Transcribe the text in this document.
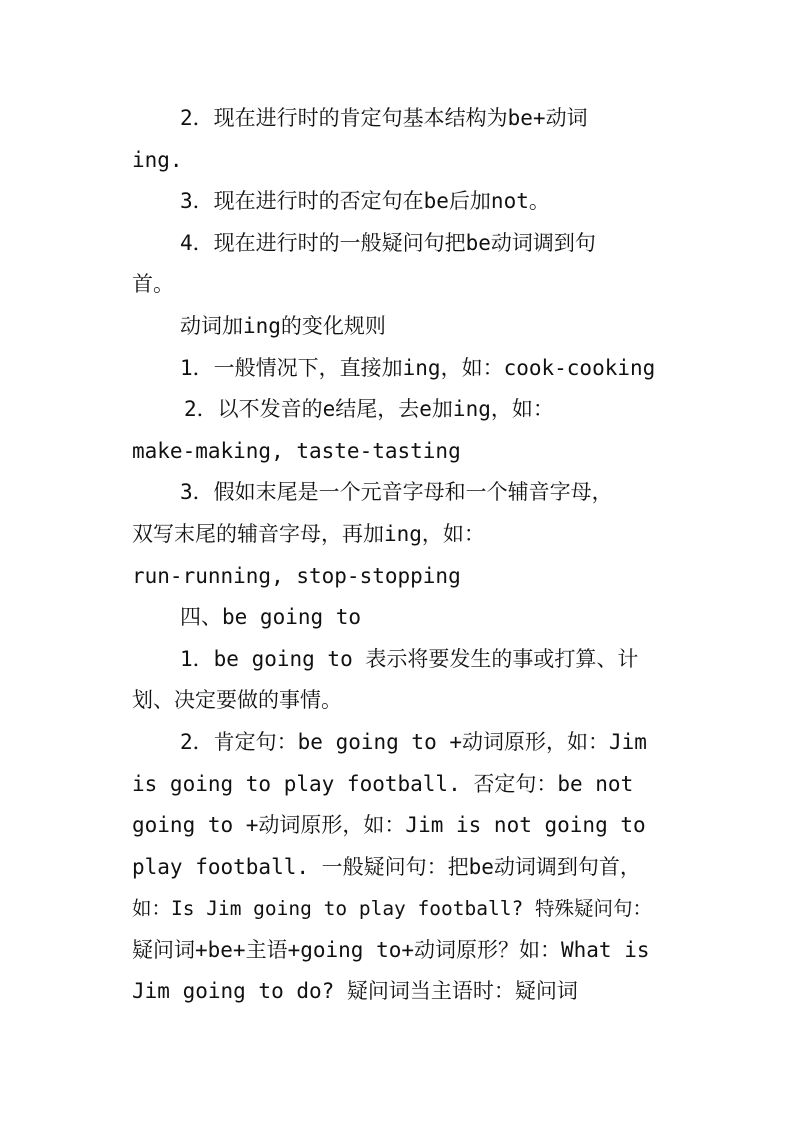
2．现在进行时的肯定句基本结构为be+动词
ing.
3．现在进行时的否定句在be后加not。
4．现在进行时的一般疑问句把be动词调到句
首。
动词加ing的变化规则
1．一般情况下，直接加ing，如：cook-cooking
2．以不发音的e结尾，去e加ing，如：
make-making, taste-tasting
3．假如末尾是一个元音字母和一个辅音字母，
双写末尾的辅音字母，再加ing，如：
run-running, stop-stopping
四、be going to
1．be going to 表示将要发生的事或打算、计
划、决定要做的事情。
2．肯定句：be going to +动词原形，如：Jim
is going to play football. 否定句：be not
going to +动词原形，如：Jim is not going to
play football. 一般疑问句：把be动词调到句首，
如：Is Jim going to play football? 特殊疑问句：
疑问词+be+主语+going to+动词原形？如：What is
Jim going to do? 疑问词当主语时：疑问词
